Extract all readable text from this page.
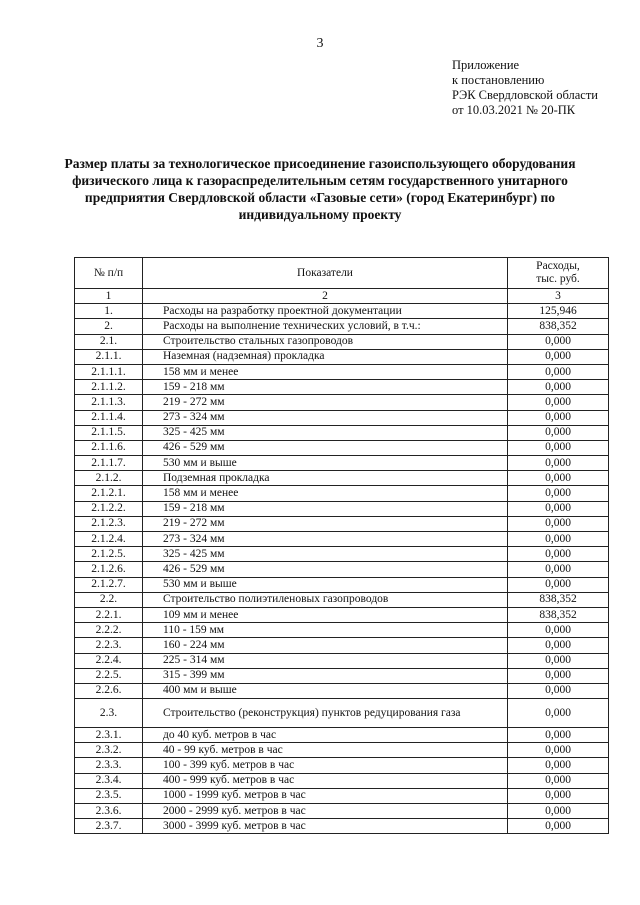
3
Приложение
к постановлению
РЭК Свердловской области
от 10.03.2021 № 20-ПК
Размер платы за технологическое присоединение газоиспользующего оборудования физического лица к газораспределительным сетям государственного унитарного предприятия Свердловской области «Газовые сети» (город Екатеринбург) по индивидуальному проекту
№ п/п	Показатели	Расходы,
тыс. руб.

1	2	3
1.	Расходы на разработку проектной документации	125,946
2.	Расходы на выполнение технических условий, в т.ч.:	838,352
2.1.	Строительство стальных газопроводов	0,000
2.1.1.	Наземная (надземная) прокладка	0,000
2.1.1.1.	158 мм и менее	0,000
2.1.1.2.	159 - 218 мм	0,000
2.1.1.3.	219 - 272 мм	0,000
2.1.1.4.	273 - 324 мм	0,000
2.1.1.5.	325 - 425 мм	0,000
2.1.1.6.	426 - 529 мм	0,000
2.1.1.7.	530 мм и выше	0,000
2.1.2.	Подземная прокладка	0,000
2.1.2.1.	158 мм и менее	0,000
2.1.2.2.	159 - 218 мм	0,000
2.1.2.3.	219 - 272 мм	0,000
2.1.2.4.	273 - 324 мм	0,000
2.1.2.5.	325 - 425 мм	0,000
2.1.2.6.	426 - 529 мм	0,000
2.1.2.7.	530 мм и выше	0,000
2.2.	Строительство полиэтиленовых газопроводов	838,352
2.2.1.	109 мм и менее	838,352
2.2.2.	110 - 159 мм	0,000
2.2.3.	160 - 224 мм	0,000
2.2.4.	225 - 314 мм	0,000
2.2.5.	315 - 399 мм	0,000
2.2.6.	400 мм и выше	0,000
2.3.	Строительство (реконструкция) пунктов редуцирования газа	0,000
2.3.1.	до 40 куб. метров в час	0,000
2.3.2.	40 - 99 куб. метров в час	0,000
2.3.3.	100 - 399 куб. метров в час	0,000
2.3.4.	400 - 999 куб. метров в час	0,000
2.3.5.	1000 - 1999 куб. метров в час	0,000
2.3.6.	2000 - 2999 куб. метров в час	0,000
2.3.7.	3000 - 3999 куб. метров в час	0,000
